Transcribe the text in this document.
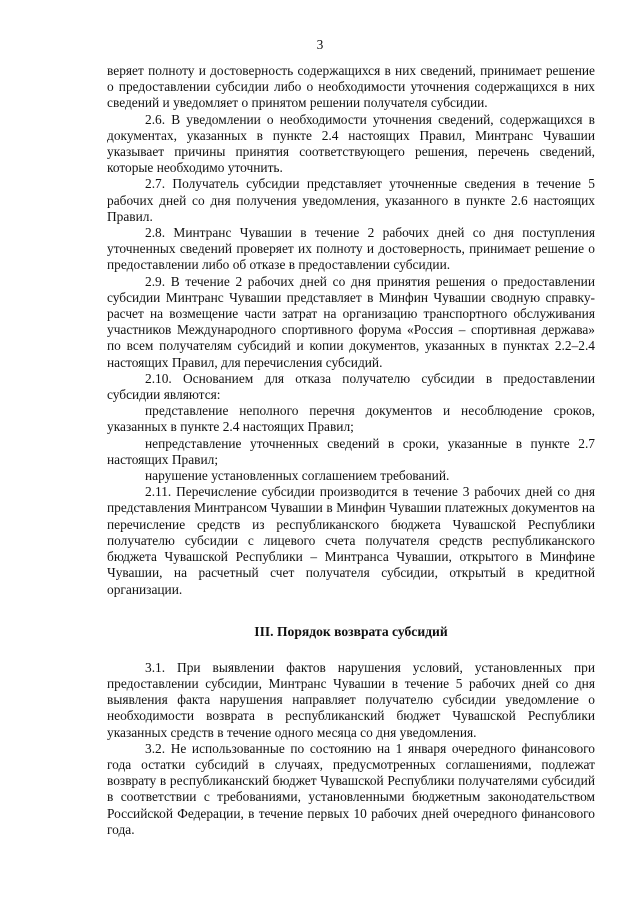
3

веряет полноту и достоверность содержащихся в них сведений, принимает решение о предоставлении субсидии либо о необходимости уточнения содержащихся в них сведений и уведомляет о принятом решении получателя субсидии.

2.6. В уведомлении о необходимости уточнения сведений, содержащихся в документах, указанных в пункте 2.4 настоящих Правил, Минтранс Чувашии указывает причины принятия соответствующего решения, перечень сведений, которые необходимо уточнить.

2.7. Получатель субсидии представляет уточненные сведения в течение 5 рабочих дней со дня получения уведомления, указанного в пункте 2.6 настоящих Правил.

2.8. Минтранс Чувашии в течение 2 рабочих дней со дня поступления уточненных сведений проверяет их полноту и достоверность, принимает решение о предоставлении либо об отказе в предоставлении субсидии.

2.9. В течение 2 рабочих дней со дня принятия решения о предоставлении субсидии Минтранс Чувашии представляет в Минфин Чувашии сводную справку-расчет на возмещение части затрат на организацию транспортного обслуживания участников Международного спортивного форума «Россия – спортивная держава» по всем получателям субсидий и копии документов, указанных в пунктах 2.2–2.4 настоящих Правил, для перечисления субсидий.

2.10. Основанием для отказа получателю субсидии в предоставлении субсидии являются:

представление неполного перечня документов и несоблюдение сроков, указанных в пункте 2.4 настоящих Правил;

непредставление уточненных сведений в сроки, указанные в пункте 2.7 настоящих Правил;

нарушение установленных соглашением требований.

2.11. Перечисление субсидии производится в течение 3 рабочих дней со дня представления Минтрансом Чувашии в Минфин Чувашии платежных документов на перечисление средств из республиканского бюджета Чувашской Республики получателю субсидии с лицевого счета получателя средств республиканского бюджета Чувашской Республики – Минтранса Чувашии, открытого в Минфине Чувашии, на расчетный счет получателя субсидии, открытый в кредитной организации.

III. Порядок возврата субсидий

3.1. При выявлении фактов нарушения условий, установленных при предоставлении субсидии, Минтранс Чувашии в течение 5 рабочих дней со дня выявления факта нарушения направляет получателю субсидии уведомление о необходимости возврата в республиканский бюджет Чувашской Республики указанных средств в течение одного месяца со дня уведомления.

3.2. Не использованные по состоянию на 1 января очередного финансового года остатки субсидий в случаях, предусмотренных соглашениями, подлежат возврату в республиканский бюджет Чувашской Республики получателями субсидий в соответствии с требованиями, установленными бюджетным законодательством Российской Федерации, в течение первых 10 рабочих дней очередного финансового года.
